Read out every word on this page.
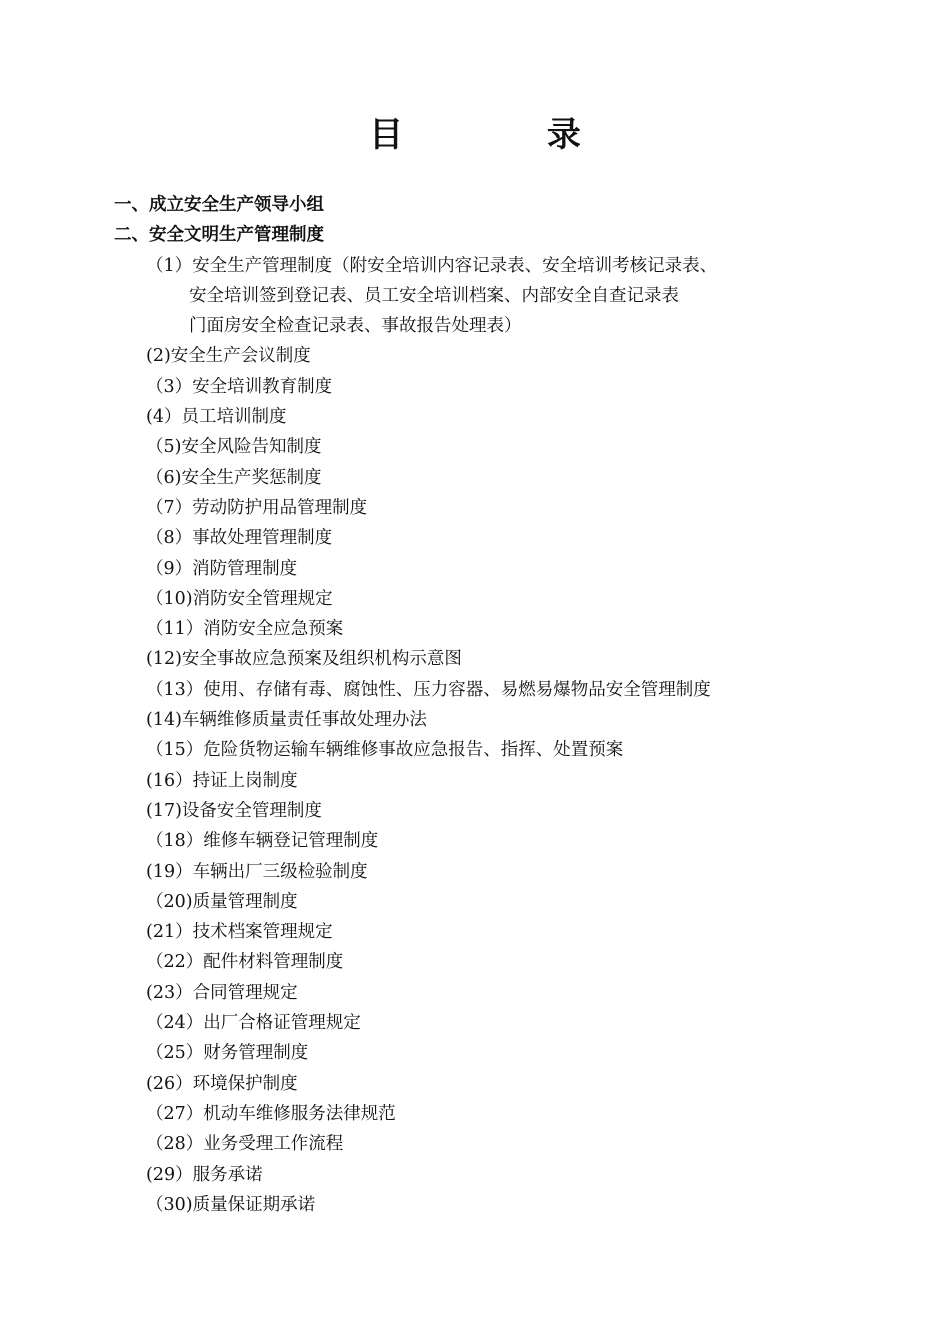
目 录
一、成立安全生产领导小组
二、安全文明生产管理制度
（1）安全生产管理制度（附安全培训内容记录表、安全培训考核记录表、
安全培训签到登记表、员工安全培训档案、内部安全自查记录表
门面房安全检查记录表、事故报告处理表）
(2)安全生产会议制度
（3）安全培训教育制度
(4）员工培训制度
（5)安全风险告知制度
（6)安全生产奖惩制度
（7）劳动防护用品管理制度
（8）事故处理管理制度
（9）消防管理制度
（10)消防安全管理规定
（11）消防安全应急预案
(12)安全事故应急预案及组织机构示意图
（13）使用、存储有毒、腐蚀性、压力容器、易燃易爆物品安全管理制度
(14)车辆维修质量责任事故处理办法
（15）危险货物运输车辆维修事故应急报告、指挥、处置预案
(16）持证上岗制度
(17)设备安全管理制度
（18）维修车辆登记管理制度
(19）车辆出厂三级检验制度
（20)质量管理制度
(21）技术档案管理规定
（22）配件材料管理制度
(23）合同管理规定
（24）出厂合格证管理规定
（25）财务管理制度
(26）环境保护制度
（27）机动车维修服务法律规范
（28）业务受理工作流程
(29）服务承诺
（30)质量保证期承诺
